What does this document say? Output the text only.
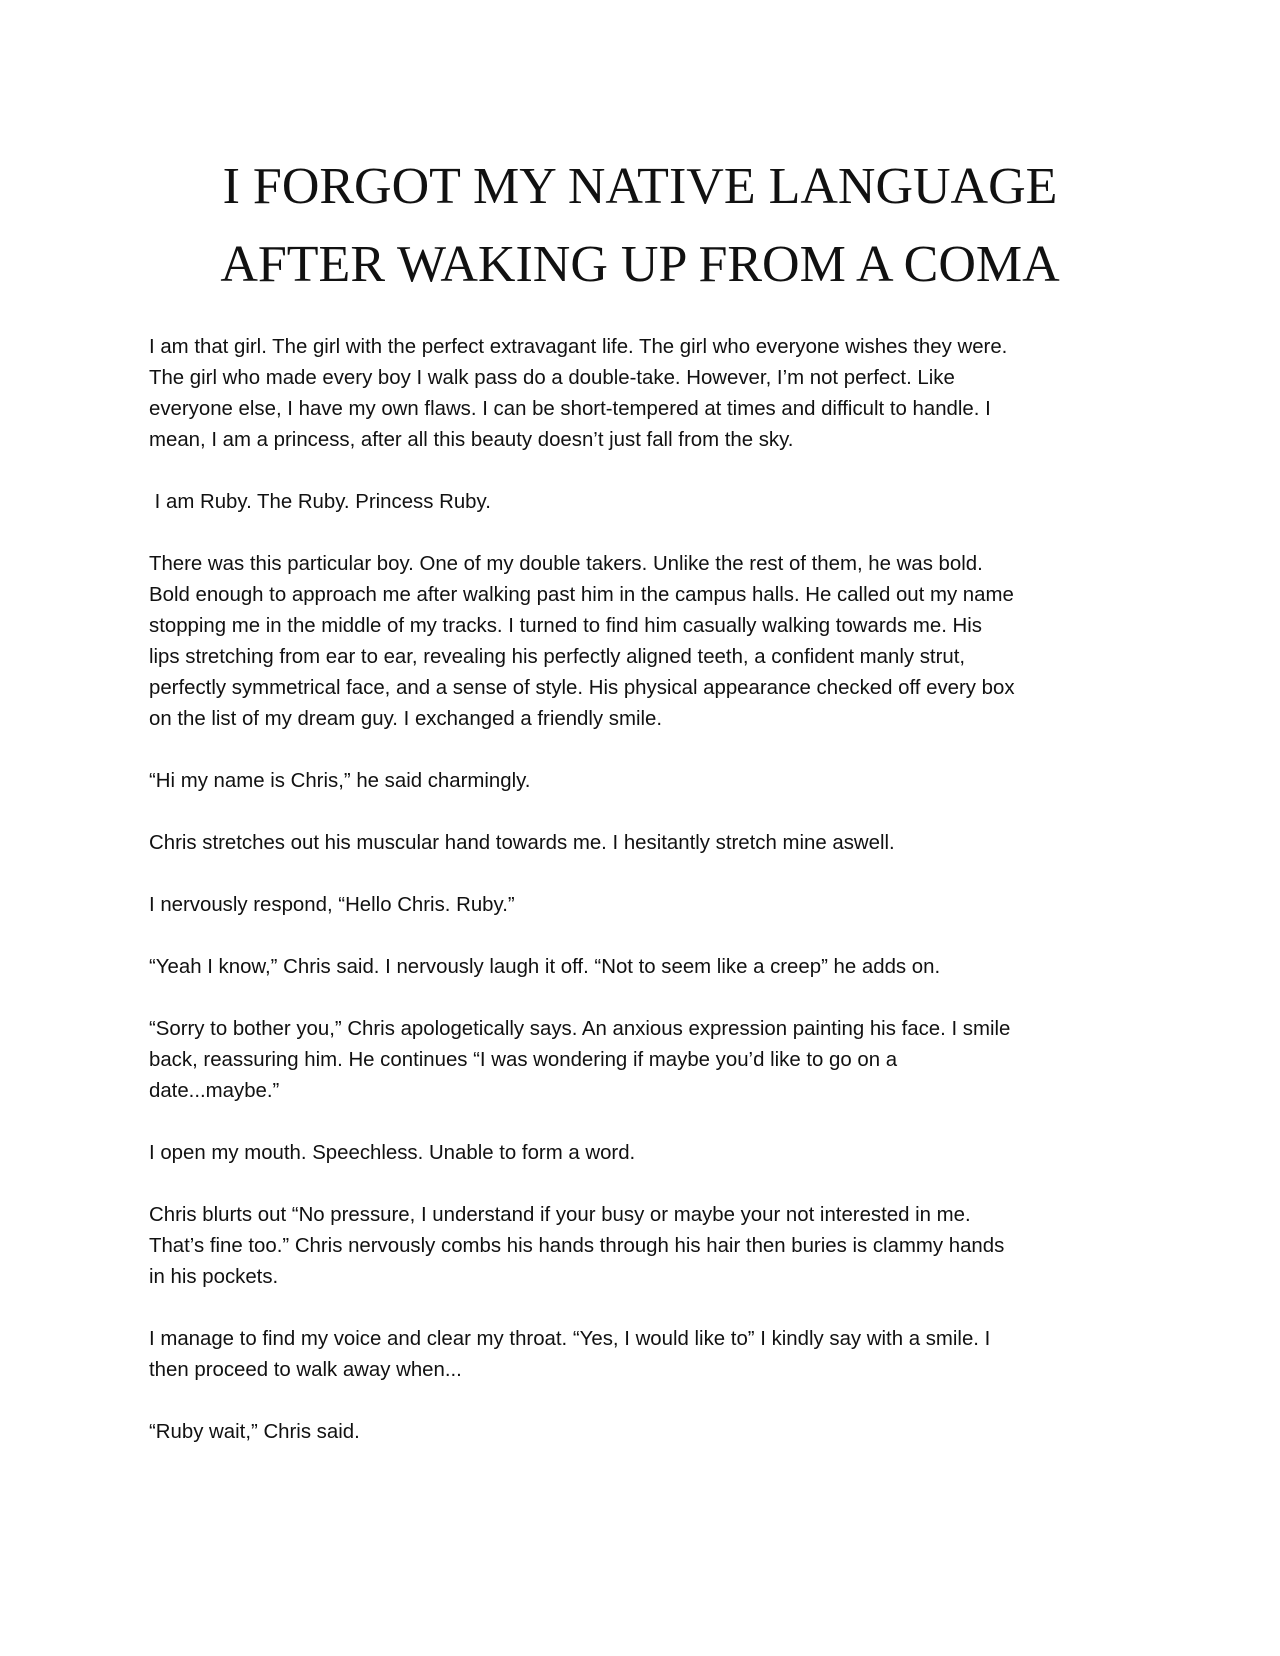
I FORGOT MY NATIVE LANGUAGE
AFTER WAKING UP FROM A COMA

I am that girl. The girl with the perfect extravagant life. The girl who everyone wishes they were.
The girl who made every boy I walk pass do a double-take. However, I’m not perfect. Like
everyone else, I have my own flaws. I can be short-tempered at times and difficult to handle. I
mean, I am a princess, after all this beauty doesn’t just fall from the sky.

I am Ruby. The Ruby. Princess Ruby.

There was this particular boy. One of my double takers. Unlike the rest of them, he was bold.
Bold enough to approach me after walking past him in the campus halls. He called out my name
stopping me in the middle of my tracks. I turned to find him casually walking towards me. His
lips stretching from ear to ear, revealing his perfectly aligned teeth, a confident manly strut,
perfectly symmetrical face, and a sense of style. His physical appearance checked off every box
on the list of my dream guy. I exchanged a friendly smile.

“Hi my name is Chris,” he said charmingly.

Chris stretches out his muscular hand towards me. I hesitantly stretch mine aswell.

I nervously respond, “Hello Chris. Ruby.”

“Yeah I know,” Chris said. I nervously laugh it off. “Not to seem like a creep” he adds on.

“Sorry to bother you,” Chris apologetically says. An anxious expression painting his face. I smile
back, reassuring him. He continues “I was wondering if maybe you’d like to go on a
date...maybe.”

I open my mouth. Speechless. Unable to form a word.

Chris blurts out “No pressure, I understand if your busy or maybe your not interested in me.
That’s fine too.” Chris nervously combs his hands through his hair then buries is clammy hands
in his pockets.

I manage to find my voice and clear my throat. “Yes, I would like to” I kindly say with a smile. I
then proceed to walk away when...

“Ruby wait,” Chris said.
